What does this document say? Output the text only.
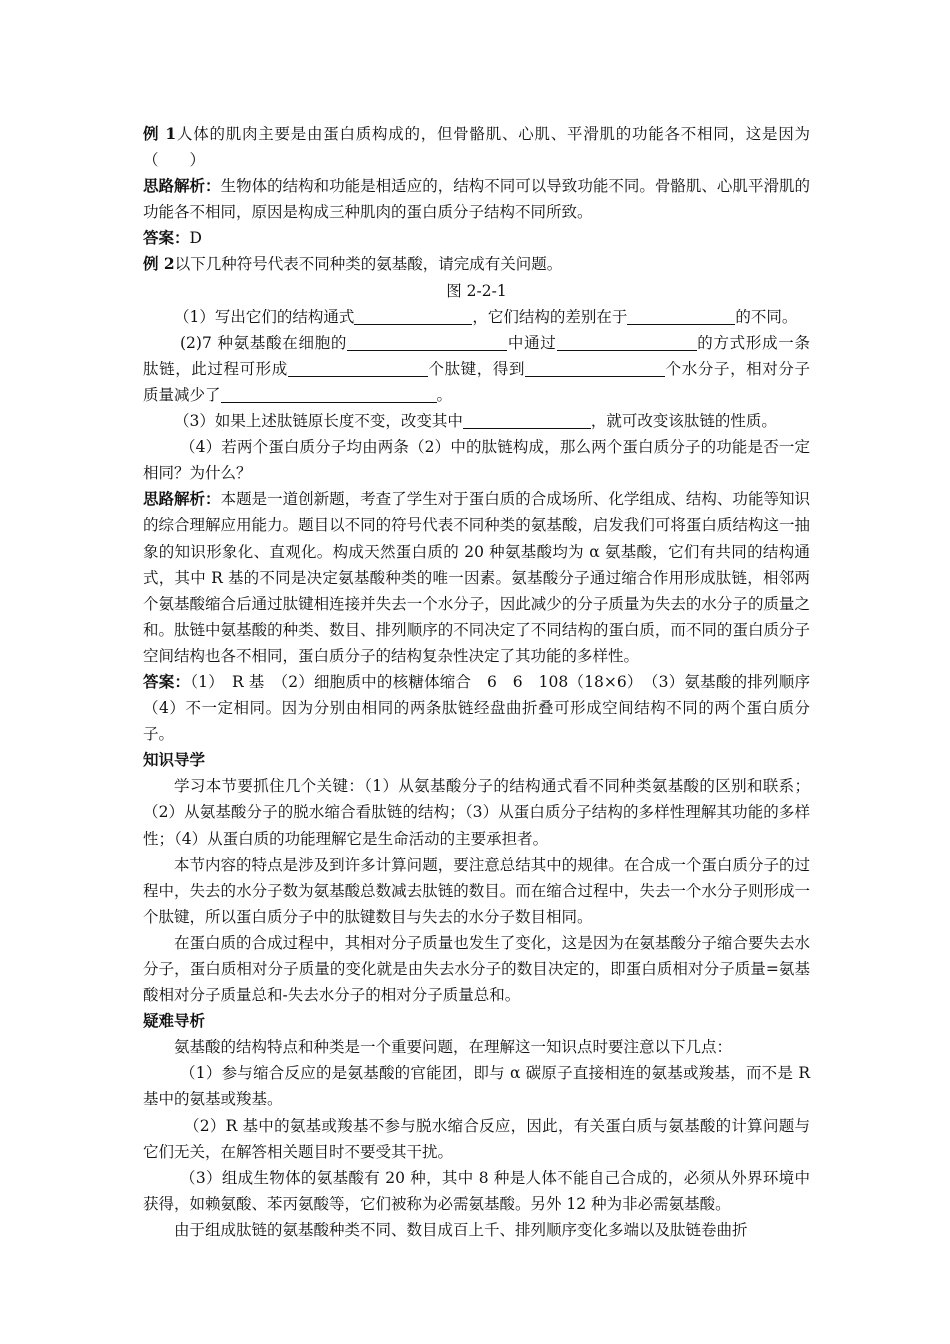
例 1人体的肌肉主要是由蛋白质构成的，但骨骼肌、心肌、平滑肌的功能各不相同，这是因为（　　）

思路解析：生物体的结构和功能是相适应的，结构不同可以导致功能不同。骨骼肌、心肌平滑肌的功能各不相同，原因是构成三种肌肉的蛋白质分子结构不同所致。

答案：D

例 2以下几种符号代表不同种类的氨基酸，请完成有关问题。

图 2-2-1

（1）写出它们的结构通式	，它们结构的差别在于	的不同。

(2)7 种氨基酸在细胞的	中通过	的方式形成一条肽链，此过程可形成	个肽键，得到	个水分子，相对分子质量减少了	。

（3）如果上述肽链原长度不变，改变其中	，就可改变该肽链的性质。

（4）若两个蛋白质分子均由两条（2）中的肽链构成，那么两个蛋白质分子的功能是否一定相同？为什么？

思路解析：本题是一道创新题，考查了学生对于蛋白质的合成场所、化学组成、结构、功能等知识的综合理解应用能力。题目以不同的符号代表不同种类的氨基酸，启发我们可将蛋白质结构这一抽象的知识形象化、直观化。构成天然蛋白质的 20 种氨基酸均为 α 氨基酸，它们有共同的结构通式，其中 R 基的不同是决定氨基酸种类的唯一因素。氨基酸分子通过缩合作用形成肽链，相邻两个氨基酸缩合后通过肽键相连接并失去一个水分子，因此减少的分子质量为失去的水分子的质量之和。肽链中氨基酸的种类、数目、排列顺序的不同决定了不同结构的蛋白质，而不同的蛋白质分子空间结构也各不相同，蛋白质分子的结构复杂性决定了其功能的多样性。

答案：（1）　R 基　（2）细胞质中的核糖体缩合　6　6　108（18×6）　（3）氨基酸的排列顺序　（4）不一定相同。因为分别由相同的两条肽链经盘曲折叠可形成空间结构不同的两个蛋白质分子。

知识导学

学习本节要抓住几个关键：（1）从氨基酸分子的结构通式看不同种类氨基酸的区别和联系；（2）从氨基酸分子的脱水缩合看肽链的结构；（3）从蛋白质分子结构的多样性理解其功能的多样性；（4）从蛋白质的功能理解它是生命活动的主要承担者。

本节内容的特点是涉及到许多计算问题，要注意总结其中的规律。在合成一个蛋白质分子的过程中，失去的水分子数为氨基酸总数减去肽链的数目。而在缩合过程中，失去一个水分子则形成一个肽键，所以蛋白质分子中的肽键数目与失去的水分子数目相同。

在蛋白质的合成过程中，其相对分子质量也发生了变化，这是因为在氨基酸分子缩合要失去水分子，蛋白质相对分子质量的变化就是由失去水分子的数目决定的，即蛋白质相对分子质量=氨基酸相对分子质量总和-失去水分子的相对分子质量总和。

疑难导析

氨基酸的结构特点和种类是一个重要问题，在理解这一知识点时要注意以下几点：

（1）参与缩合反应的是氨基酸的官能团，即与 α 碳原子直接相连的氨基或羧基，而不是 R 基中的氨基或羧基。

（2）R 基中的氨基或羧基不参与脱水缩合反应，因此，有关蛋白质与氨基酸的计算问题与它们无关，在解答相关题目时不要受其干扰。

（3）组成生物体的氨基酸有 20 种，其中 8 种是人体不能自己合成的，必须从外界环境中获得，如赖氨酸、苯丙氨酸等，它们被称为必需氨基酸。另外 12 种为非必需氨基酸。

由于组成肽链的氨基酸种类不同、数目成百上千、排列顺序变化多端以及肽链卷曲折
